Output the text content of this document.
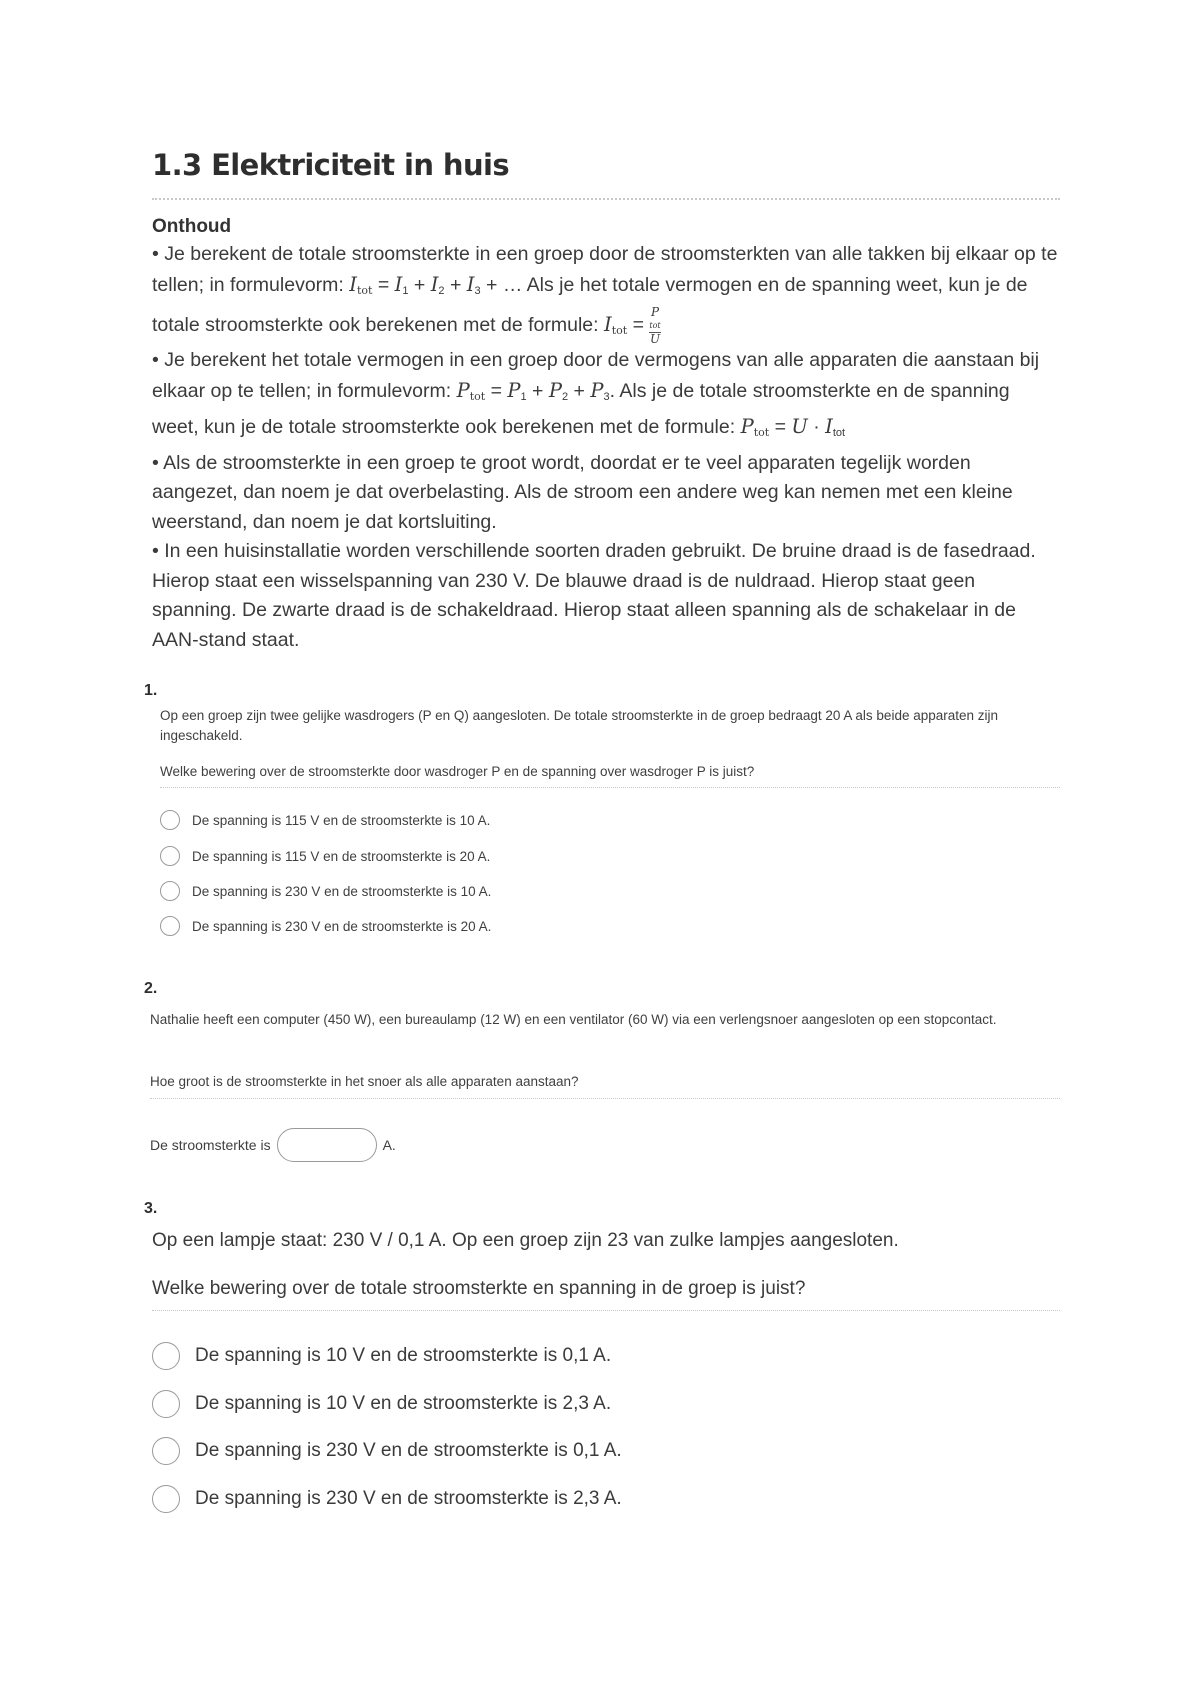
1.3 Elektriciteit in huis
Onthoud

• Je berekent de totale stroomsterkte in een groep door de stroomsterkten van alle takken bij elkaar op te tellen; in formulevorm: $I_{tot} = I_1 + I_2 + I_3$ + … Als je het totale vermogen en de spanning weet, kun je de totale stroomsterkte ook berekenen met de formule: $I_{tot} = P$
tot
U

• Je berekent het totale vermogen in een groep door de vermogens van alle apparaten die aanstaan bij elkaar op te tellen; in formulevorm: $P_{tot} = P_1 + P_2 + P_3$. Als je de totale stroomsterkte en de spanning weet, kun je de totale stroomsterkte ook berekenen met de formule: $P_{tot} = U \cdot I_{tot}$

• Als de stroomsterkte in een groep te groot wordt, doordat er te veel apparaten tegelijk worden aangezet, dan noem je dat overbelasting. Als de stroom een andere weg kan nemen met een kleine weerstand, dan noem je dat kortsluiting.

• In een huisinstallatie worden verschillende soorten draden gebruikt. De bruine draad is de fasedraad. Hierop staat een wisselspanning van 230 V. De blauwe draad is de nuldraad. Hierop staat geen spanning. De zwarte draad is de schakeldraad. Hierop staat alleen spanning als de schakelaar in de AAN-stand staat.

1.
Op een groep zijn twee gelijke wasdrogers (P en Q) aangesloten. De totale stroomsterkte in de groep bedraagt 20 A als beide apparaten zijn ingeschakeld.
Welke bewering over de stroomsterkte door wasdroger P en de spanning over wasdroger P is juist?
De spanning is 115 V en de stroomsterkte is 10 A.
De spanning is 115 V en de stroomsterkte is 20 A.
De spanning is 230 V en de stroomsterkte is 10 A.
De spanning is 230 V en de stroomsterkte is 20 A.
2.
Nathalie heeft een computer (450 W), een bureaulamp (12 W) en een ventilator (60 W) via een verlengsnoer aangesloten op een stopcontact.
Hoe groot is de stroomsterkte in het snoer als alle apparaten aanstaan?
De stroomsterkte is	A.
3.
Op een lampje staat: 230 V / 0,1 A. Op een groep zijn 23 van zulke lampjes aangesloten.
Welke bewering over de totale stroomsterkte en spanning in de groep is juist?
De spanning is 10 V en de stroomsterkte is 0,1 A.
De spanning is 10 V en de stroomsterkte is 2,3 A.
De spanning is 230 V en de stroomsterkte is 0,1 A.
De spanning is 230 V en de stroomsterkte is 2,3 A.
